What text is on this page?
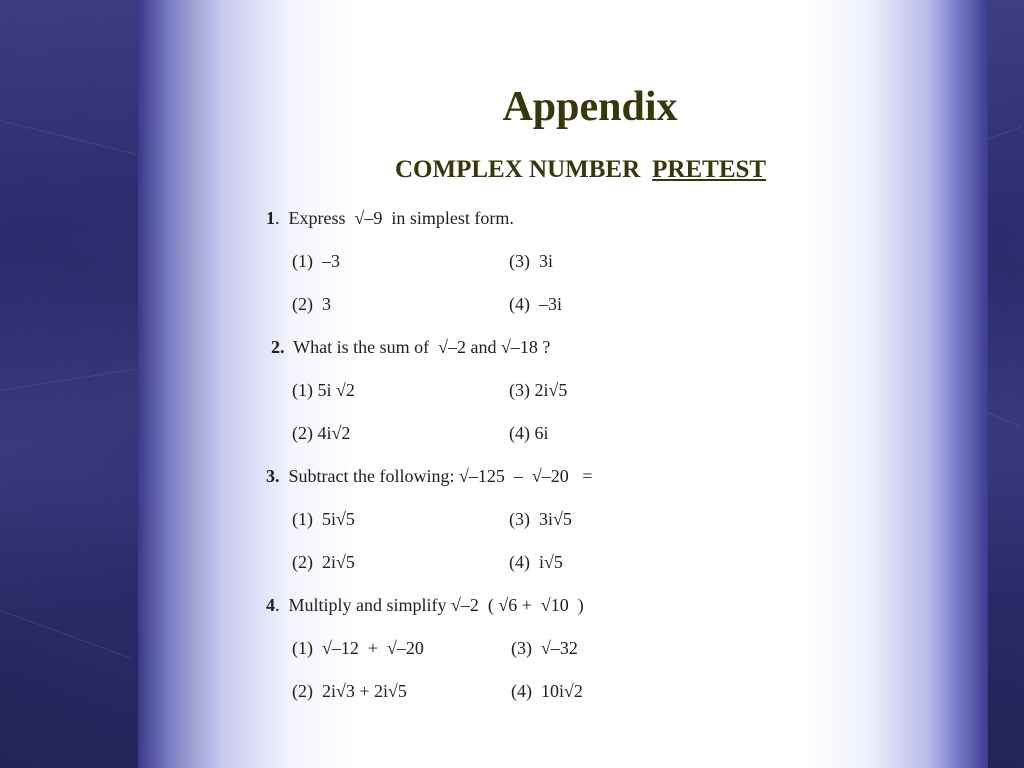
Appendix
COMPLEX NUMBER PRETEST
1.  Express  √–9  in simplest form.
(1)  –3	(3)  3i
(2)  3	(4)  –3i
2.  What is the sum of  √–2 and √–18 ?
(1) 5i √2	(3) 2i√5
(2) 4i√2	(4) 6i
3.  Subtract the following: √–125  –  √–20   =
(1)  5i√5	(3)  3i√5
(2)  2i√5	(4)  i√5
4.  Multiply and simplify √–2  ( √6 +  √10  )
(1)  √–12  +  √–20	(3)  √–32
(2)  2i√3 + 2i√5	(4)  10i√2
